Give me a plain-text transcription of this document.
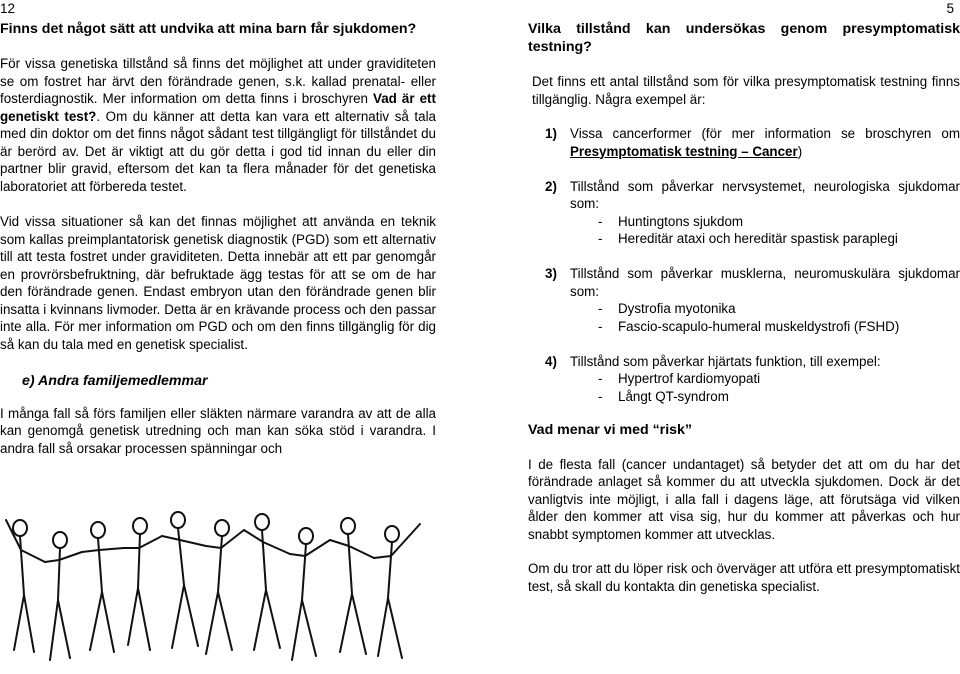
12	5

Finns det något sätt att undvika att mina barn får sjukdomen?

För vissa genetiska tillstånd så finns det möjlighet att under graviditeten se om fostret har ärvt den förändrade genen, s.k. kallad prenatal- eller fosterdiagnostik. Mer information om detta finns i broschyren Vad är ett genetiskt test?. Om du känner att detta kan vara ett alternativ så tala med din doktor om det finns något sådant test tillgängligt för tillståndet du är berörd av. Det är viktigt att du gör detta i god tid innan du eller din partner blir gravid, eftersom det kan ta flera månader för det genetiska laboratoriet att förbereda testet.

Vid vissa situationer så kan det finnas möjlighet att använda en teknik som kallas preimplantatorisk genetisk diagnostik (PGD) som ett alternativ till att testa fostret under graviditeten. Detta innebär att ett par genomgår en provrörsbefruktning, där befruktade ägg testas för att se om de har den förändrade genen. Endast embryon utan den förändrade genen blir insatta i kvinnans livmoder. Detta är en krävande process och den passar inte alla. För mer information om PGD och om den finns tillgänglig för dig så kan du tala med en genetisk specialist.

e) Andra familjemedlemmar

I många fall så förs familjen eller släkten närmare varandra av att de alla kan genomgå genetisk utredning och man kan söka stöd i varandra. I andra fall så orsakar processen spänningar och

Vilka tillstånd kan undersökas genom presymptomatisk testning?

Det finns ett antal tillstånd som för vilka presymptomatisk testning finns tillgänglig. Några exempel är:

1) Vissa cancerformer (för mer information se broschyren om Presymptomatisk testning – Cancer)
2) Tillstånd som påverkar nervsystemet, neurologiska sjukdomar som:
- Huntingtons sjukdom
- Hereditär ataxi och hereditär spastisk paraplegi
3) Tillstånd som påverkar musklerna, neuromuskulära sjukdomar som:
- Dystrofia myotonika
- Fascio-scapulo-humeral muskeldystrofi (FSHD)
4) Tillstånd som påverkar hjärtats funktion, till exempel:
- Hypertrof kardiomyopati
- Långt QT-syndrom

Vad menar vi med “risk”

I de flesta fall (cancer undantaget) så betyder det att om du har det förändrade anlaget så kommer du att utveckla sjukdomen. Dock är det vanligtvis inte möjligt, i alla fall i dagens läge, att förutsäga vid vilken ålder den kommer att visa sig, hur du kommer att påverkas och hur snabbt symptomen kommer att utvecklas.

Om du tror att du löper risk och överväger att utföra ett presymptomatiskt test, så skall du kontakta din genetiska specialist.
